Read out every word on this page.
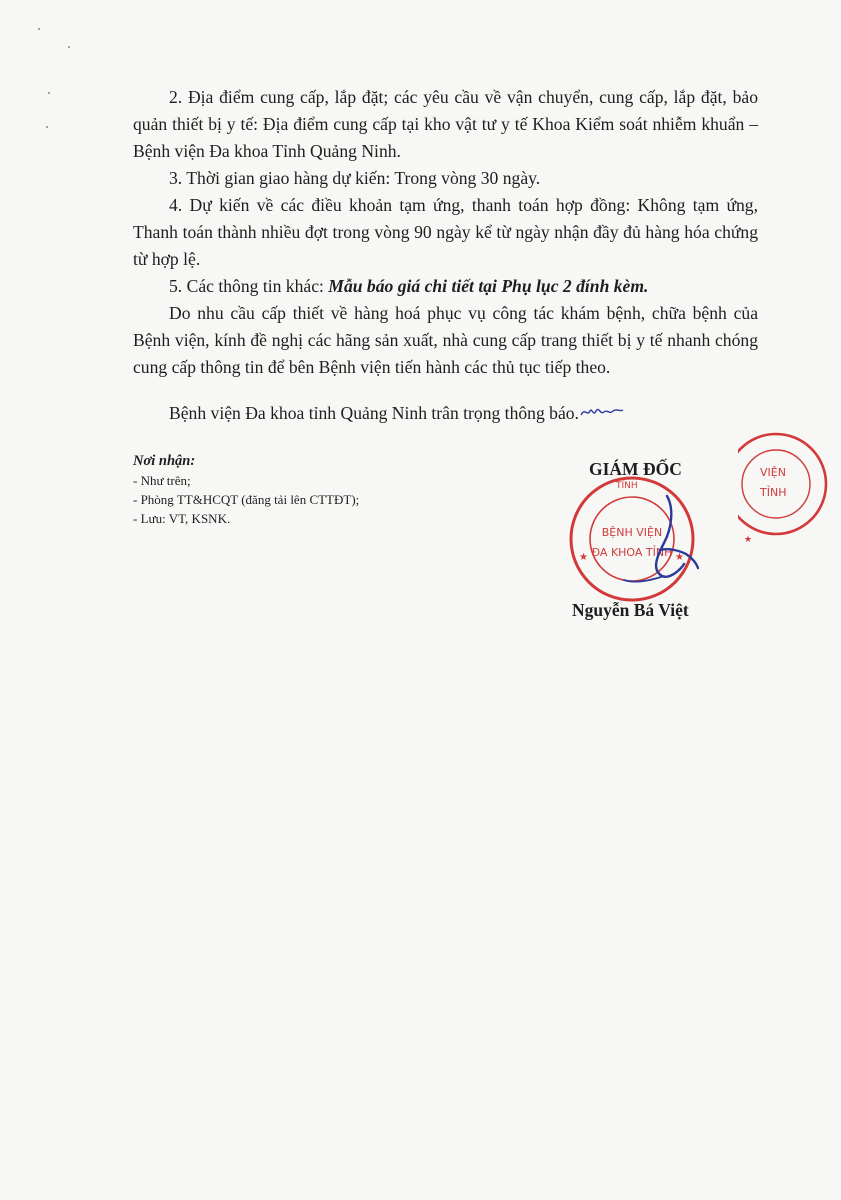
2. Địa điểm cung cấp, lắp đặt; các yêu cầu về vận chuyển, cung cấp, lắp đặt, bảo quản thiết bị y tế: Địa điểm cung cấp tại kho vật tư y tế Khoa Kiểm soát nhiễm khuẩn – Bệnh viện Đa khoa Tỉnh Quảng Ninh.
3. Thời gian giao hàng dự kiến: Trong vòng 30 ngày.
4. Dự kiến về các điều khoản tạm ứng, thanh toán hợp đồng: Không tạm ứng, Thanh toán thành nhiều đợt trong vòng 90 ngày kể từ ngày nhận đầy đủ hàng hóa chứng từ hợp lệ.
5. Các thông tin khác: Mẫu báo giá chi tiết tại Phụ lục 2 đính kèm.
Do nhu cầu cấp thiết về hàng hoá phục vụ công tác khám bệnh, chữa bệnh của Bệnh viện, kính đề nghị các hãng sản xuất, nhà cung cấp trang thiết bị y tế nhanh chóng cung cấp thông tin để bên Bệnh viện tiến hành các thủ tục tiếp theo.
Bệnh viện Đa khoa tỉnh Quảng Ninh trân trọng thông báo.
Nơi nhận:
- Như trên;
- Phòng TT&HCQT (đăng tải lên CTTĐT);
- Lưu: VT, KSNK.
GIÁM ĐỐC
TỈNH
BỆNH VIỆN
ĐA KHOA TỈNH
★	★
VIỆN
TỈNH
★
Nguyễn Bá Việt
